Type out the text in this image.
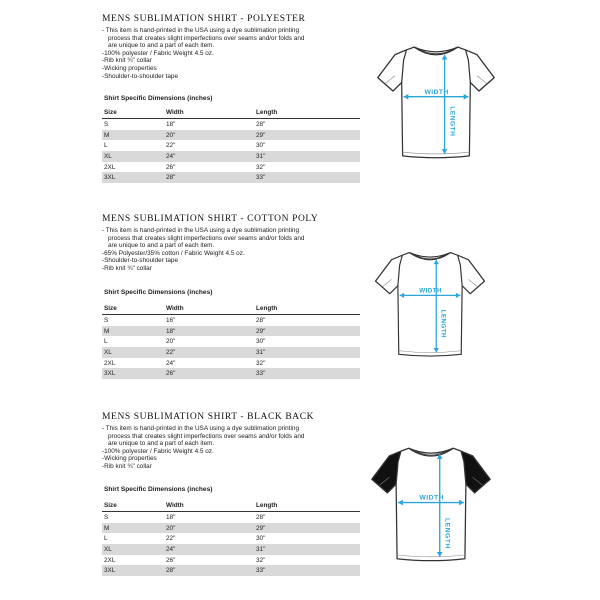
MENS SUBLIMATION SHIRT - POLYESTER
- This item is hand-printed in the USA using a dye sublimation printing
process that creates slight imperfections over seams and/or folds and
are unique to and a part of each item.
-100% polyester / Fabric Weight 4.5 oz.
-Rib knit ¾" collar
-Wicking properties
-Shoulder-to-shoulder tape
Shirt Specific Dimensions (inches)
Size	Width	Length
S	18"	28"
M	20"	29"
L	22"	30"
XL	24"	31"
2XL	26"	32"
3XL	28"	33"
WIDTH
LENGTH
MENS SUBLIMATION SHIRT - COTTON POLY
- This item is hand-printed in the USA using a dye sublimation printing
process that creates slight imperfections over seams and/or folds and
are unique to and a part of each item.
-65% Polyester/35% cotton / Fabric Weight 4.5 oz.
-Shoulder-to-shoulder tape
-Rib knit ¾" collar
Shirt Specific Dimensions (inches)
Size	Width	Length
S	16"	28"
M	18"	29"
L	20"	30"
XL	22"	31"
2XL	24"	32"
3XL	26"	33"
WIDTH
LENGTH
MENS SUBLIMATION SHIRT - BLACK BACK
- This item is hand-printed in the USA using a dye sublimation printing
process that creates slight imperfections over seams and/or folds and
are unique to and a part of each item.
-100% polyester / Fabric Weight 4.5 oz.
-Wicking properties
-Rib knit ¾" collar
Shirt Specific Dimensions (inches)
Size	Width	Length
S	18"	28"
M	20"	29"
L	22"	30"
XL	24"	31"
2XL	26"	32"
3XL	28"	33"
WIDTH
LENGTH
